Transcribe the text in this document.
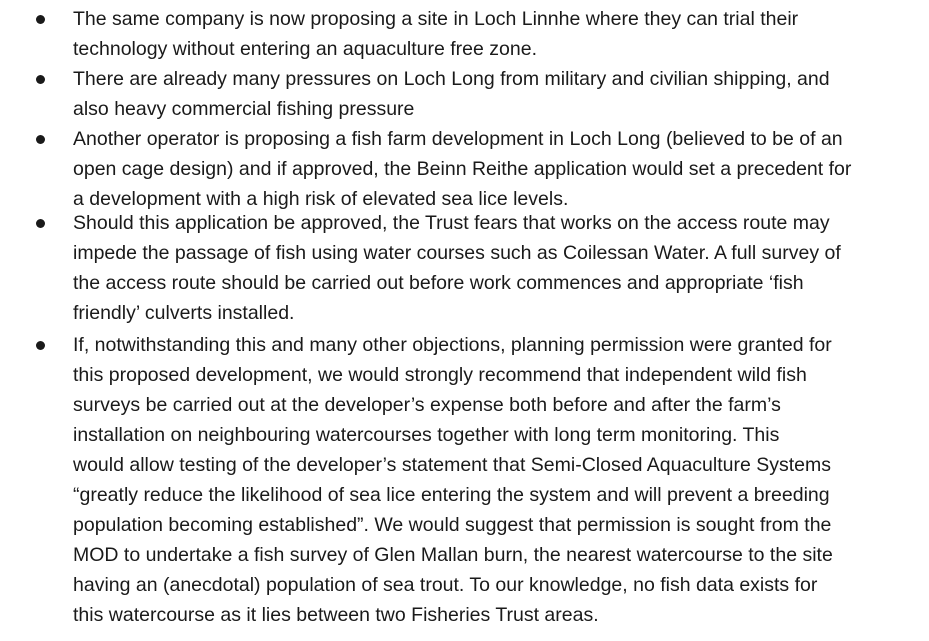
The same company is now proposing a site in Loch Linnhe where they can trial their
technology without entering an aquaculture free zone.
There are already many pressures on Loch Long from military and civilian shipping, and
also heavy commercial fishing pressure
Another operator is proposing a fish farm development in Loch Long (believed to be of an
open cage design) and if approved, the Beinn Reithe application would set a precedent for
a development with a high risk of elevated sea lice levels.
Should this application be approved, the Trust fears that works on the access route may
impede the passage of fish using water courses such as Coilessan Water. A full survey of
the access route should be carried out before work commences and appropriate ‘fish
friendly’ culverts installed.
If, notwithstanding this and many other objections, planning permission were granted for
this proposed development, we would strongly recommend that independent wild fish
surveys be carried out at the developer’s expense both before and after the farm’s
installation on neighbouring watercourses together with long term monitoring. This
would allow testing of the developer’s statement that Semi-Closed Aquaculture Systems
“greatly reduce the likelihood of sea lice entering the system and will prevent a breeding
population becoming established”. We would suggest that permission is sought from the
MOD to undertake a fish survey of Glen Mallan burn, the nearest watercourse to the site
having an (anecdotal) population of sea trout. To our knowledge, no fish data exists for
this watercourse as it lies between two Fisheries Trust areas.
